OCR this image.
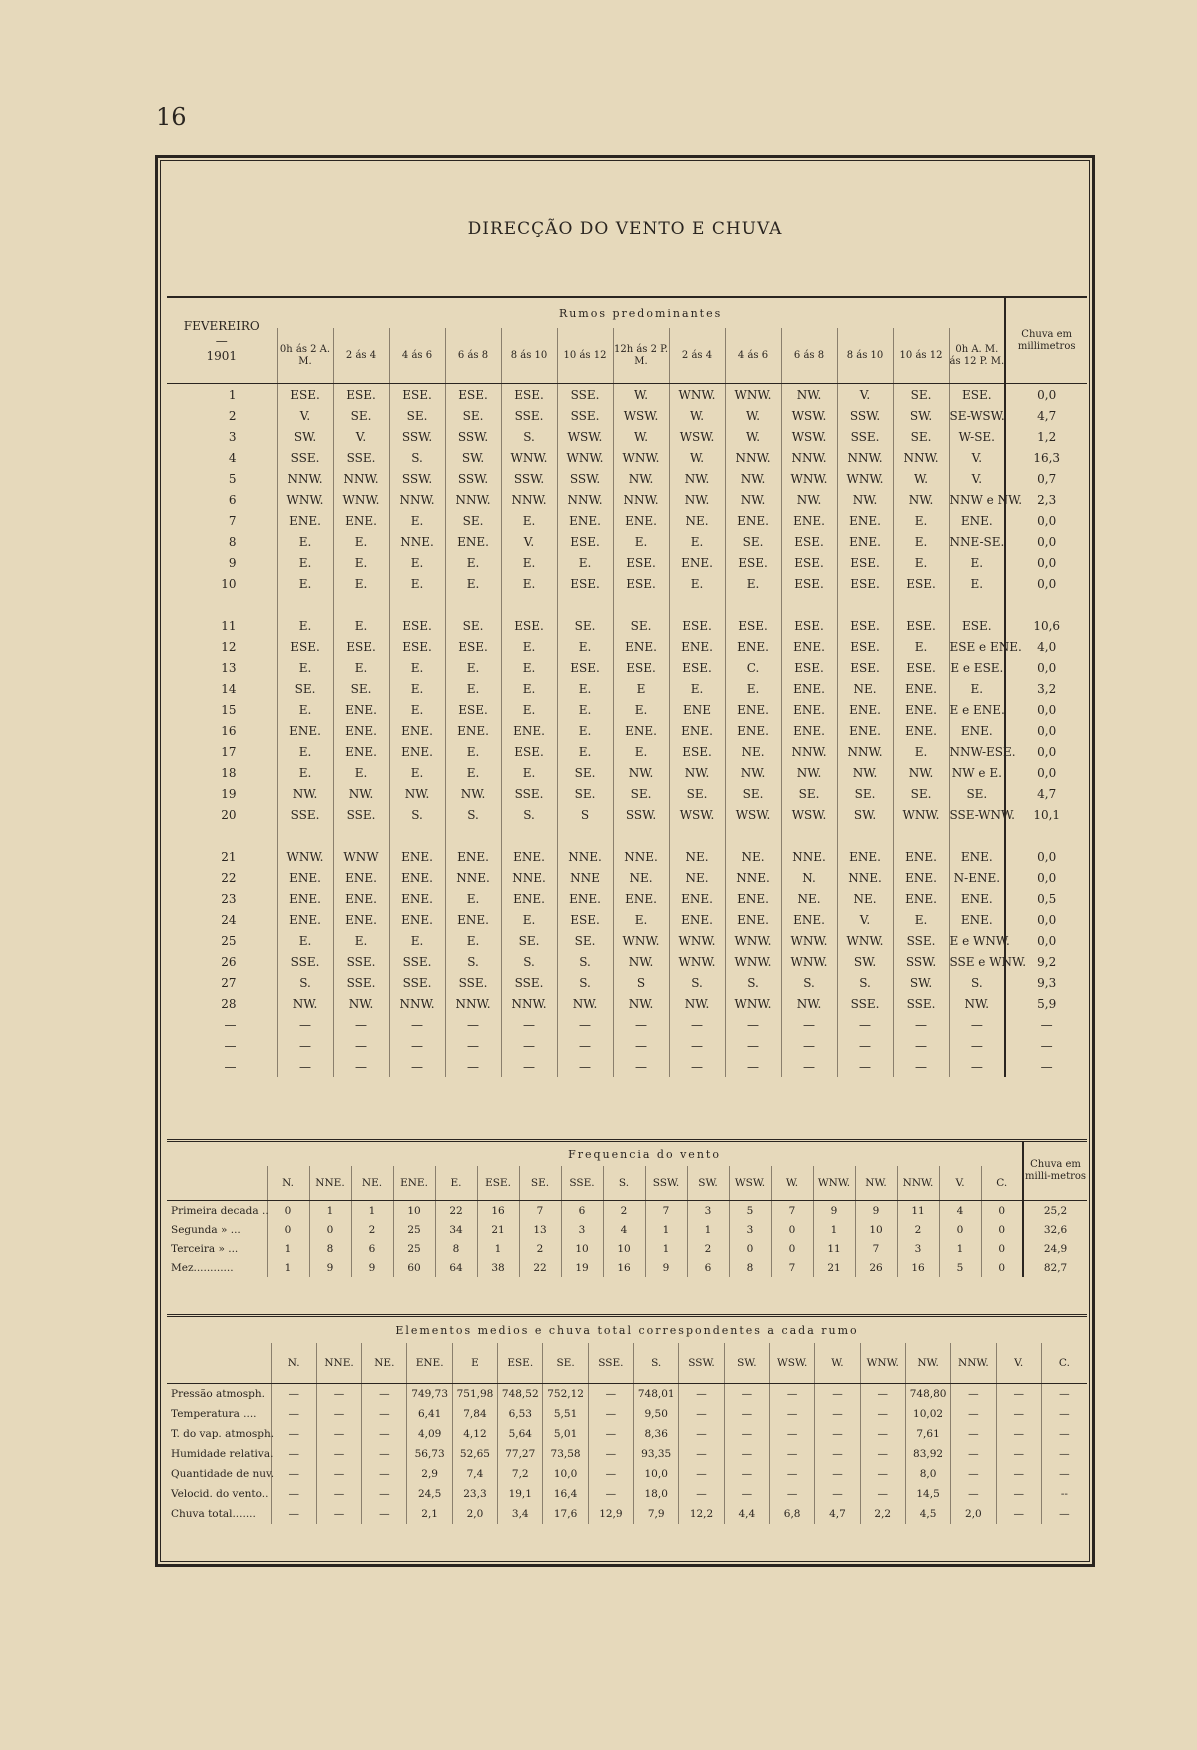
16
DIRECÇÃO DO VENTO E CHUVA
FEVEREIRO
—
1901	Rumos predominantes													Chuva em millimetros
	0h ás 2 A. M.	2 ás 4	4 ás 6	6 ás 8	8 ás 10	10 ás 12	12h ás 2 P. M.	2 ás 4	4 ás 6	6 ás 8	8 ás 10	10 ás 12	0h A. M. ás 12 P. M.	
1	ESE.	ESE.	ESE.	ESE.	ESE.	SSE.	W.	WNW.	WNW.	NW.	V.	SE.	ESE.	0,0
2	V.	SE.	SE.	SE.	SSE.	SSE.	WSW.	W.	W.	WSW.	SSW.	SW.	SE-WSW.	4,7
3	SW.	V.	SSW.	SSW.	S.	WSW.	W.	WSW.	W.	WSW.	SSE.	SE.	W-SE.	1,2
4	SSE.	SSE.	S.	SW.	WNW.	WNW.	WNW.	W.	NNW.	NNW.	NNW.	NNW.	V.	16,3
5	NNW.	NNW.	SSW.	SSW.	SSW.	SSW.	NW.	NW.	NW.	WNW.	WNW.	W.	V.	0,7
6	WNW.	WNW.	NNW.	NNW.	NNW.	NNW.	NNW.	NW.	NW.	NW.	NW.	NW.	NNW e NW.	2,3
7	ENE.	ENE.	E.	SE.	E.	ENE.	ENE.	NE.	ENE.	ENE.	ENE.	E.	ENE.	0,0
8	E.	E.	NNE.	ENE.	V.	ESE.	E.	E.	SE.	ESE.	ENE.	E.	NNE-SE.	0,0
9	E.	E.	E.	E.	E.	E.	ESE.	ENE.	ESE.	ESE.	ESE.	E.	E.	0,0
10	E.	E.	E.	E.	E.	ESE.	ESE.	E.	E.	ESE.	ESE.	ESE.	E.	0,0

11	E.	E.	ESE.	SE.	ESE.	SE.	SE.	ESE.	ESE.	ESE.	ESE.	ESE.	ESE.	10,6
12	ESE.	ESE.	ESE.	ESE.	E.	E.	ENE.	ENE.	ENE.	ENE.	ESE.	E.	ESE e ENE.	4,0
13	E.	E.	E.	E.	E.	ESE.	ESE.	ESE.	C.	ESE.	ESE.	ESE.	E e ESE.	0,0
14	SE.	SE.	E.	E.	E.	E.	E	E.	E.	ENE.	NE.	ENE.	E.	3,2
15	E.	ENE.	E.	ESE.	E.	E.	E.	ENE	ENE.	ENE.	ENE.	ENE.	E e ENE.	0,0
16	ENE.	ENE.	ENE.	ENE.	ENE.	E.	ENE.	ENE.	ENE.	ENE.	ENE.	ENE.	ENE.	0,0
17	E.	ENE.	ENE.	E.	ESE.	E.	E.	ESE.	NE.	NNW.	NNW.	E.	NNW-ESE.	0,0
18	E.	E.	E.	E.	E.	SE.	NW.	NW.	NW.	NW.	NW.	NW.	NW e E.	0,0
19	NW.	NW.	NW.	NW.	SSE.	SE.	SE.	SE.	SE.	SE.	SE.	SE.	SE.	4,7
20	SSE.	SSE.	S.	S.	S.	S	SSW.	WSW.	WSW.	WSW.	SW.	WNW.	SSE-WNW.	10,1

21	WNW.	WNW	ENE.	ENE.	ENE.	NNE.	NNE.	NE.	NE.	NNE.	ENE.	ENE.	ENE.	0,0
22	ENE.	ENE.	ENE.	NNE.	NNE.	NNE	NE.	NE.	NNE.	N.	NNE.	ENE.	N-ENE.	0,0
23	ENE.	ENE.	ENE.	E.	ENE.	ENE.	ENE.	ENE.	ENE.	NE.	NE.	ENE.	ENE.	0,5
24	ENE.	ENE.	ENE.	ENE.	E.	ESE.	E.	ENE.	ENE.	ENE.	V.	E.	ENE.	0,0
25	E.	E.	E.	E.	SE.	SE.	WNW.	WNW.	WNW.	WNW.	WNW.	SSE.	E e WNW.	0,0
26	SSE.	SSE.	SSE.	S.	S.	S.	NW.	WNW.	WNW.	WNW.	SW.	SSW.	SSE e WNW.	9,2
27	S.	SSE.	SSE.	SSE.	SSE.	S.	S	S.	S.	S.	S.	SW.	S.	9,3
28	NW.	NW.	NNW.	NNW.	NNW.	NW.	NW.	NW.	WNW.	NW.	SSE.	SSE.	NW.	5,9
—	—	—	—	—	—	—	—	—	—	—	—	—	—	—
—	—	—	—	—	—	—	—	—	—	—	—	—	—	—
—	—	—	—	—	—	—	—	—	—	—	—	—	—	—
	Frequencia do vento																		Chuva em milli-metros
	N.	NNE.	NE.	ENE.	E.	ESE.	SE.	SSE.	S.	SSW.	SW.	WSW.	W.	WNW.	NW.	NNW.	V.	C.	
Primeira decada ..	0	1	1	10	22	16	7	6	2	7	3	5	7	9	9	11	4	0	25,2
Segunda » ...	0	0	2	25	34	21	13	3	4	1	1	3	0	1	10	2	0	0	32,6
Terceira » ...	1	8	6	25	8	1	2	10	10	1	2	0	0	11	7	3	1	0	24,9
Mez............	1	9	9	60	64	38	22	19	16	9	6	8	7	21	26	16	5	0	82,7
Elementos medios e chuva total correspondentes a cada rumo																		
	N.	NNE.	NE.	ENE.	E	ESE.	SE.	SSE.	S.	SSW.	SW.	WSW.	W.	WNW.	NW.	NNW.	V.	C.
Pressão atmosph.	—	—	—	749,73	751,98	748,52	752,12	—	748,01	—	—	—	—	—	748,80	—	—	—
Temperatura ....	—	—	—	6,41	7,84	6,53	5,51	—	9,50	—	—	—	—	—	10,02	—	—	—
T. do vap. atmosph.	—	—	—	4,09	4,12	5,64	5,01	—	8,36	—	—	—	—	—	7,61	—	—	—
Humidade relativa.	—	—	—	56,73	52,65	77,27	73,58	—	93,35	—	—	—	—	—	83,92	—	—	—
Quantidade de nuv.	—	—	—	2,9	7,4	7,2	10,0	—	10,0	—	—	—	—	—	8,0	—	—	—
Velocid. do vento..	—	—	—	24,5	23,3	19,1	16,4	—	18,0	—	—	—	—	—	14,5	—	—	--
Chuva total.......	—	—	—	2,1	2,0	3,4	17,6	12,9	7,9	12,2	4,4	6,8	4,7	2,2	4,5	2,0	—	—
